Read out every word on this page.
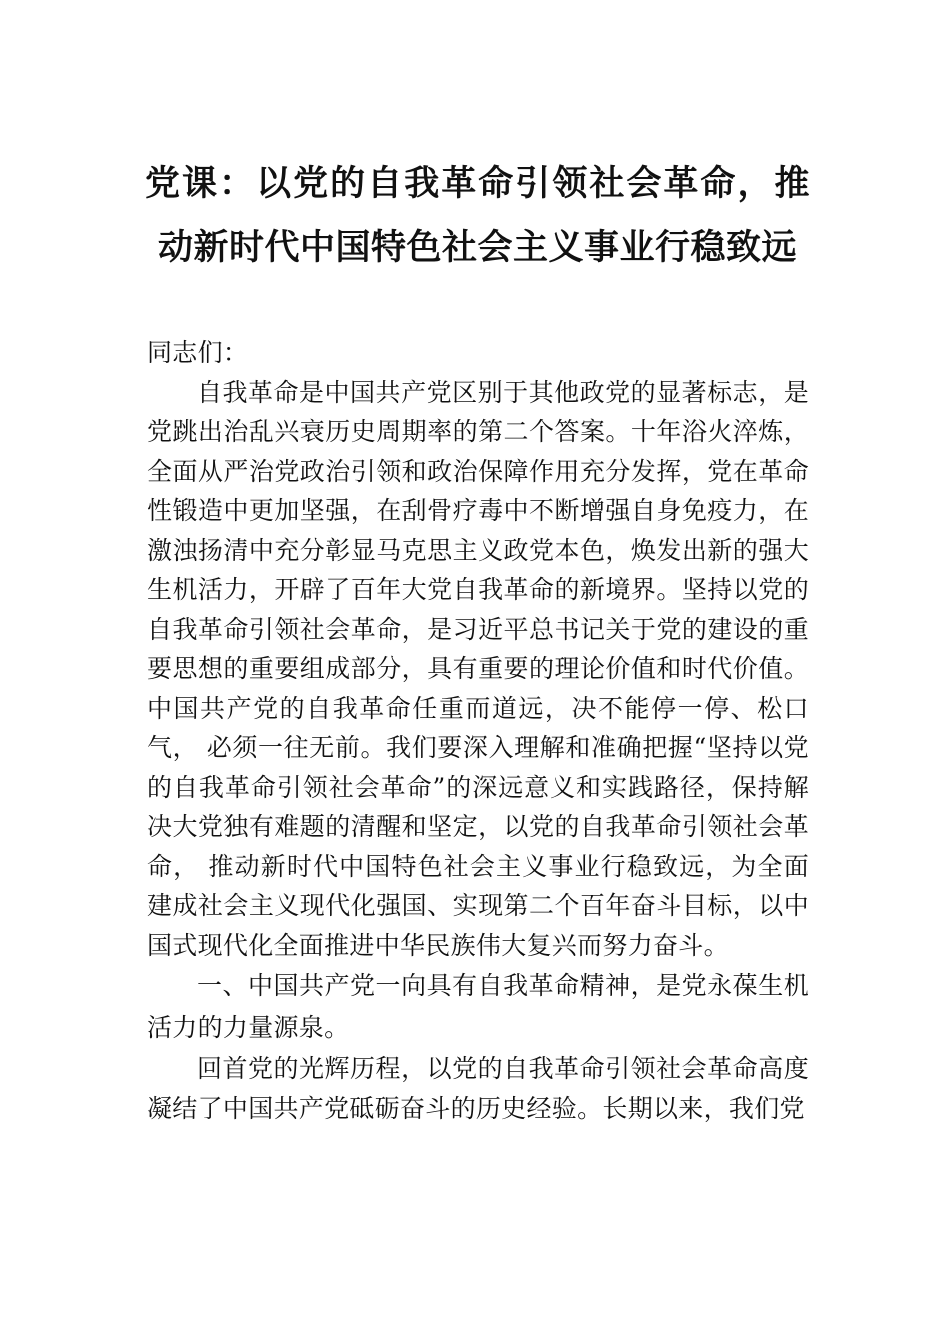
党课：以党的自我革命引领社会革命，推动新时代中国特色社会主义事业行稳致远

同志们：

自我革命是中国共产党区别于其他政党的显著标志，是党跳出治乱兴衰历史周期率的第二个答案。十年浴火淬炼， 全面从严治党政治引领和政治保障作用充分发挥，党在革命性锻造中更加坚强，在刮骨疗毒中不断增强自身免疫力，在激浊扬清中充分彰显马克思主义政党本色，焕发出新的强大生机活力，开辟了百年大党自我革命的新境界。坚持以党的自我革命引领社会革命，是习近平总书记关于党的建设的重要思想的重要组成部分，具有重要的理论价值和时代价值。 中国共产党的自我革命任重而道远，决不能停一停、松口气， 必须一往无前。我们要深入理解和准确把握“坚持以党的自我革命引领社会革命”的深远意义和实践路径，保持解决大党独有难题的清醒和坚定，以党的自我革命引领社会革命， 推动新时代中国特色社会主义事业行稳致远，为全面建成社会主义现代化强国、实现第二个百年奋斗目标，以中国式现代化全面推进中华民族伟大复兴而努力奋斗。

一、中国共产党一向具有自我革命精神，是党永葆生机活力的力量源泉。

回首党的光辉历程，以党的自我革命引领社会革命高度凝结了中国共产党砥砺奋斗的历史经验。长期以来，我们党
